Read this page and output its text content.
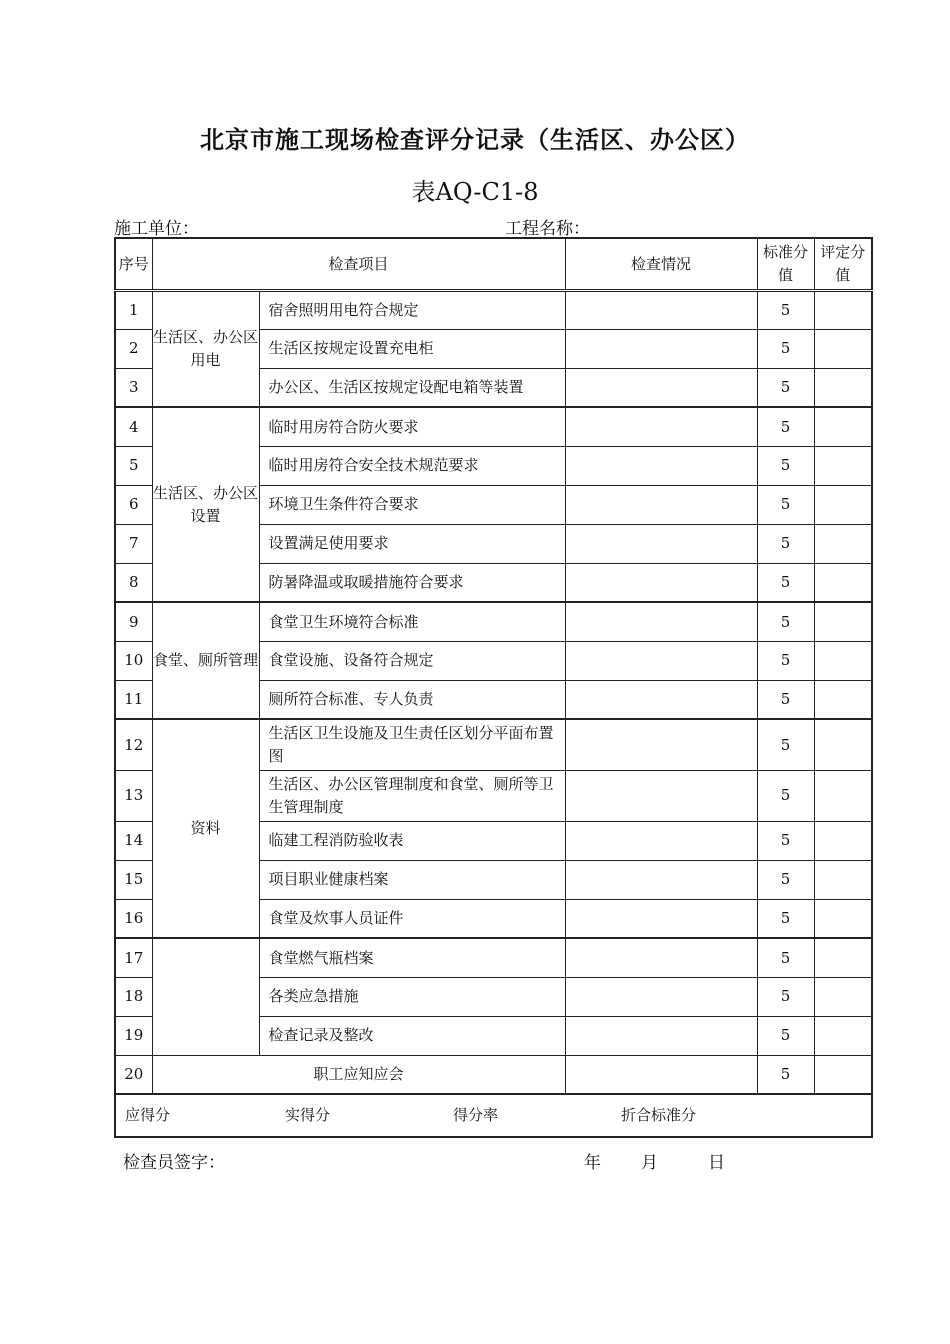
北京市施工现场检查评分记录（生活区、办公区）
表AQ-C1-8
施工单位：	工程名称：
序号	检查项目		检查情况	标准分值	评定分值
1	生活区、办公区用电	宿舍照明用电符合规定		5	
2		生活区按规定设置充电柜		5	
3		办公区、生活区按规定设配电箱等装置		5	
4	生活区、办公区设置	临时用房符合防火要求		5	
5		临时用房符合安全技术规范要求		5	
6		环境卫生条件符合要求		5	
7		设置满足使用要求		5	
8		防暑降温或取暖措施符合要求		5	
9	食堂、厕所管理	食堂卫生环境符合标准		5	
10		食堂设施、设备符合规定		5	
11		厕所符合标准、专人负责		5	
12	资料	生活区卫生设施及卫生责任区划分平面布置图		5	
13		生活区、办公区管理制度和食堂、厕所等卫生管理制度		5	
14		临建工程消防验收表		5	
15		项目职业健康档案		5	
16		食堂及炊事人员证件		5	
17		食堂燃气瓶档案		5	
18		各类应急措施		5	
19		检查记录及整改		5	
20	职工应知应会			5	
应得分 实得分 得分率 折合标准分					
检查员签字：	年 月	日
